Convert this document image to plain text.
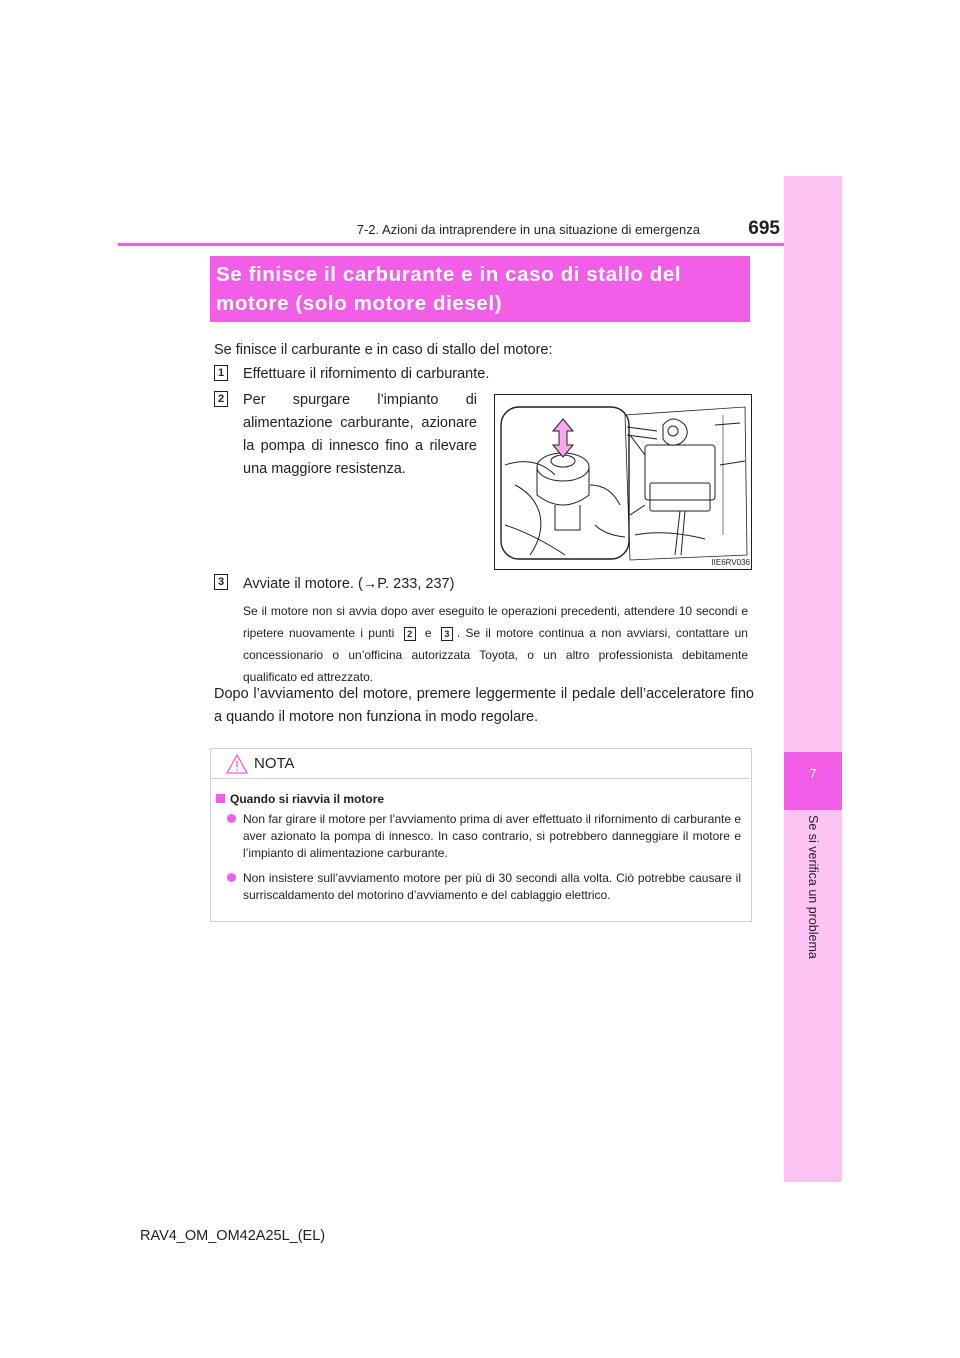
7
Se si verifica un problema
7-2. Azioni da intraprendere in una situazione di emergenza	695
Se finisce il carburante e in caso di stallo del motore (solo motore diesel)
Se finisce il carburante e in caso di stallo del motore:
1 Effettuare il rifornimento di carburante.
2 Per spurgare l’impianto di alimentazione carburante, azionare la pompa di innesco fino a rilevare una maggiore resistenza.
IIE6RV036
3 Avviate il motore. (→P. 233, 237)
Se il motore non si avvia dopo aver eseguito le operazioni precedenti, attendere 10 secondi e ripetere nuovamente i punti 2 e 3 . Se il motore continua a non avviarsi, contattare un concessionario o un’officina autorizzata Toyota, o un altro professionista debitamente qualificato ed attrezzato.
Dopo l’avviamento del motore, premere leggermente il pedale dell’acceleratore fino a quando il motore non funziona in modo regolare.
NOTA
Quando si riavvia il motore
Non far girare il motore per l’avviamento prima di aver effettuato il rifornimento di carburante e aver azionato la pompa di innesco. In caso contrario, si potrebbero danneggiare il motore e l’impianto di alimentazione carburante.
Non insistere sull’avviamento motore per più di 30 secondi alla volta. Ciò potrebbe causare il surriscaldamento del motorino d’avviamento e del cablaggio elettrico.
RAV4_OM_OM42A25L_(EL)
